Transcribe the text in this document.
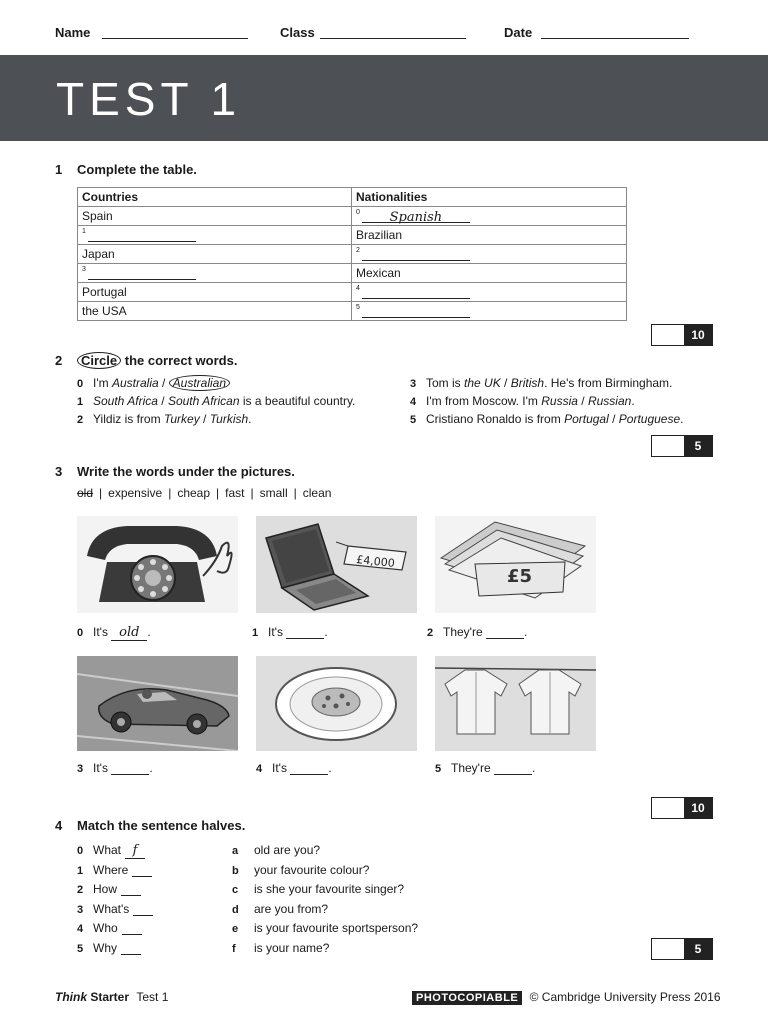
Name	Class	Date
TEST 1
1 Complete the table.
Countries	Nationalities
Spain	$^0$ Spanish
$^1$	Brazilian
Japan	$^2$
$^3$	Mexican
Portugal	$^4$
the USA	$^5$
10
2	Circle the correct words.
0 I'm Australia / Australian
1 South Africa / South African is a beautiful country.
2 Yildiz is from Turkey / Turkish.
3 Tom is the UK / British. He's from Birmingham.
4 I'm from Moscow. I'm Russia / Russian.
5 Cristiano Ronaldo is from Portugal / Portuguese.
5
3 Write the words under the pictures.
old | expensive | cheap | fast | small | clean
£4,000
£5
0 It's old .	1 It's	.	2 They're	.
3 It's	.	4 It's	.	5 They're	.
10
4 Match the sentence halves.
0 What f	a old are you?
1 Where	b your favourite colour?
2 How	c is she your favourite singer?
3 What's	d are you from?
4 Who	e is your favourite sportsperson?
5 Why	f is your name?	5
Think Starter Test 1	PHOTOCOPIABLE © Cambridge University Press 2016
